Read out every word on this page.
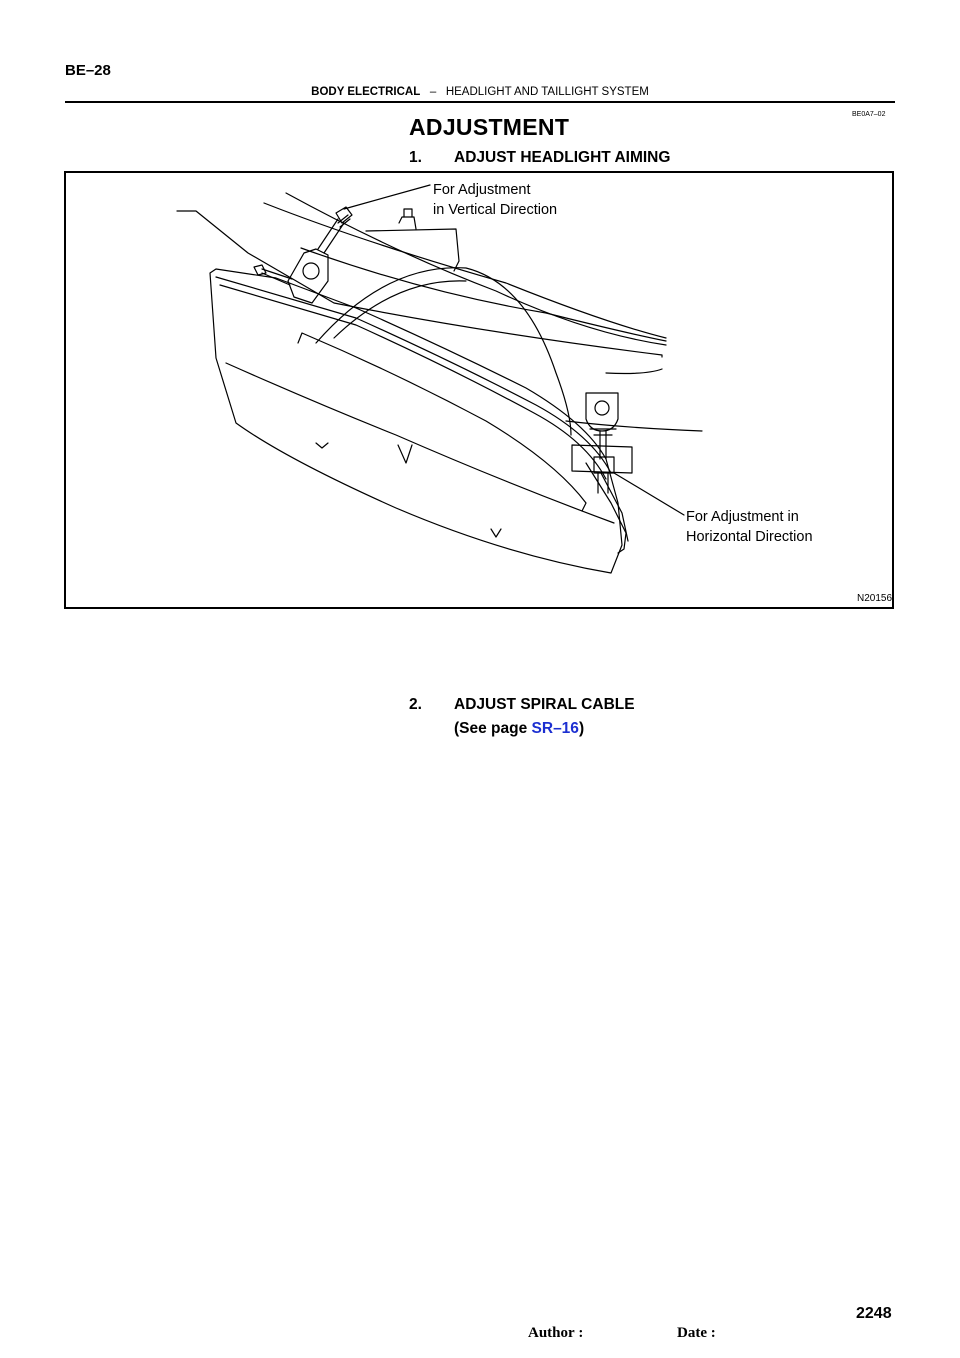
BE–28
BODY ELECTRICAL – HEADLIGHT AND TAILLIGHT SYSTEM
BE0A7–02
ADJUSTMENT
1. ADJUST HEADLIGHT AIMING
For Adjustment
in Vertical Direction
For Adjustment in
Horizontal Direction
N20156
2. ADJUST SPIRAL CABLE
(See page SR–16)
Author :	Date :
2248
